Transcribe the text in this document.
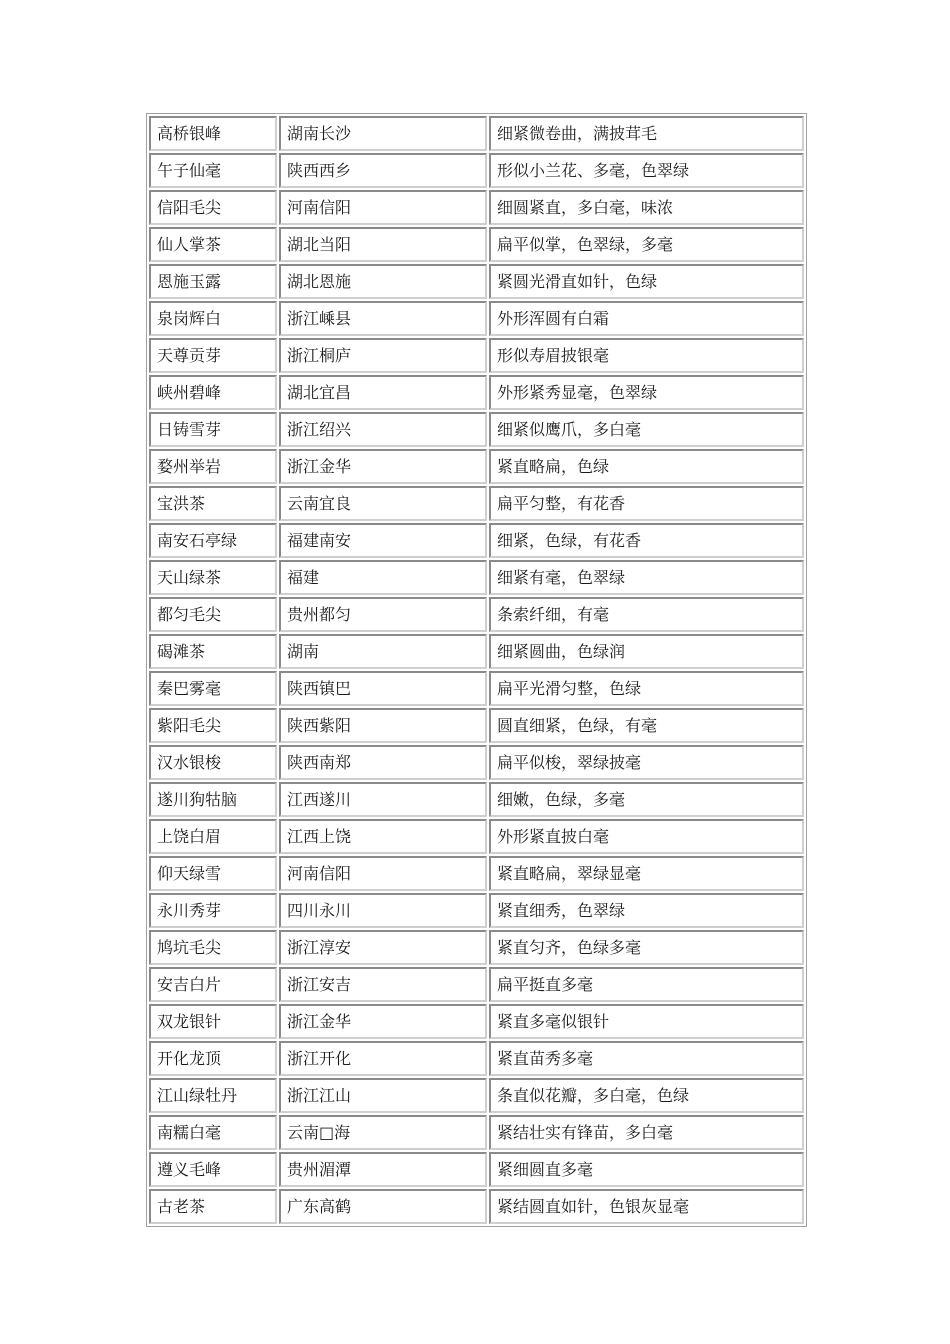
高桥银峰	湖南长沙	细紧微卷曲，满披茸毛
午子仙毫	陕西西乡	形似小兰花、多毫，色翠绿
信阳毛尖	河南信阳	细圆紧直，多白毫，味浓
仙人掌茶	湖北当阳	扁平似掌，色翠绿，多毫
恩施玉露	湖北恩施	紧圆光滑直如针，色绿
泉岗辉白	浙江嵊县	外形浑圆有白霜
天尊贡芽	浙江桐庐	形似寿眉披银毫
峡州碧峰	湖北宜昌	外形紧秀显毫，色翠绿
日铸雪芽	浙江绍兴	细紧似鹰爪，多白毫
婺州举岩	浙江金华	紧直略扁，色绿
宝洪茶	云南宜良	扁平匀整，有花香
南安石亭绿	福建南安	细紧，色绿，有花香
天山绿茶	福建	细紧有毫，色翠绿
都匀毛尖	贵州都匀	条索纤细，有毫
碣滩茶	湖南	细紧圆曲，色绿润
秦巴雾毫	陕西镇巴	扁平光滑匀整，色绿
紫阳毛尖	陕西紫阳	圆直细紧，色绿，有毫
汉水银梭	陕西南郑	扁平似梭，翠绿披毫
遂川狗牯脑	江西遂川	细嫩，色绿，多毫
上饶白眉	江西上饶	外形紧直披白毫
仰天绿雪	河南信阳	紧直略扁，翠绿显毫
永川秀芽	四川永川	紧直细秀，色翠绿
鸠坑毛尖	浙江淳安	紧直匀齐，色绿多毫
安吉白片	浙江安吉	扁平挺直多毫
双龙银针	浙江金华	紧直多毫似银针
开化龙顶	浙江开化	紧直苗秀多毫
江山绿牡丹	浙江江山	条直似花瓣，多白毫，色绿
南糯白毫	云南□海	紧结壮实有锋苗，多白毫
遵义毛峰	贵州湄潭	紧细圆直多毫
古老茶	广东高鹤	紧结圆直如针，色银灰显毫
